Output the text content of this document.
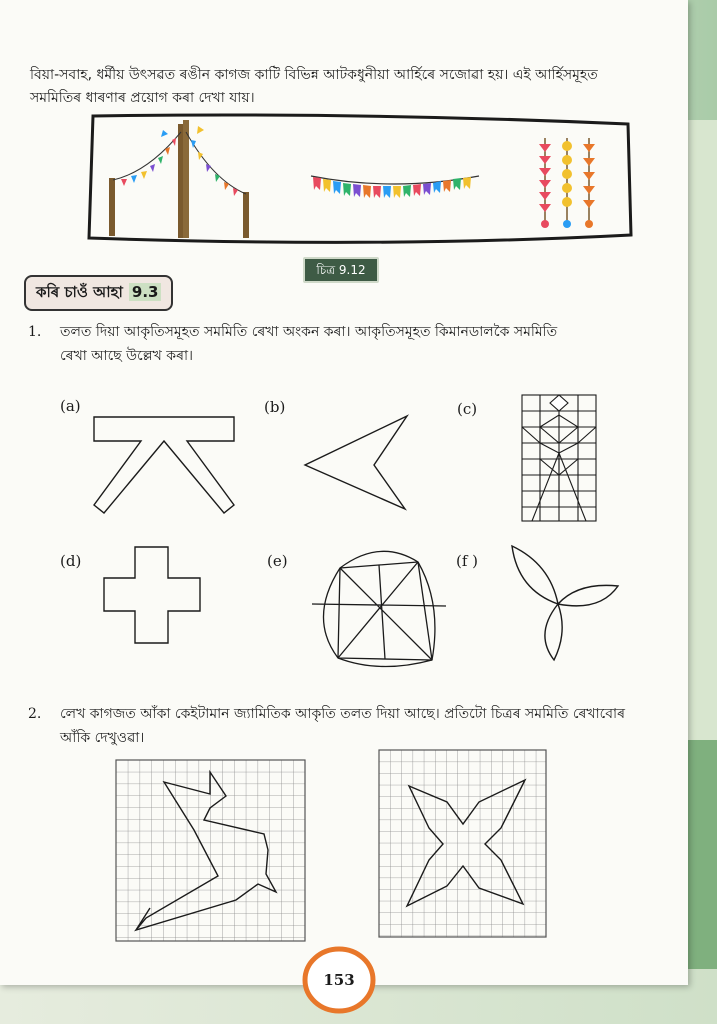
বিয়া-সবাহ, ধৰ্মীয় উৎসৱত ৰঙীন কাগজ কাটি বিভিন্ন আটকধুনীয়া আৰ্হিৰে সজোৱা হয়। এই আৰ্হিসমূহত
সমমিতিৰ ধাৰণাৰ প্ৰয়োগ কৰা দেখা যায়।

চিত্ৰ 9.12
কৰি চাওঁ আহা 9.3
1. তলত দিয়া আকৃতিসমূহত সমমিতি ৰেখা অংকন কৰা। আকৃতিসমূহত কিমানডালকৈ সমমিতি
ৰেখা আছে উল্লেখ কৰা।
(a)	(b)	(c)
(d)	(e)	(f )
2. লেখ কাগজত আঁকা কেইটামান জ্যামিতিক আকৃতি তলত দিয়া আছে। প্ৰতিটো চিত্ৰৰ সমমিতি ৰেখাবোৰ
আঁকি দেখুওৱা।
153
